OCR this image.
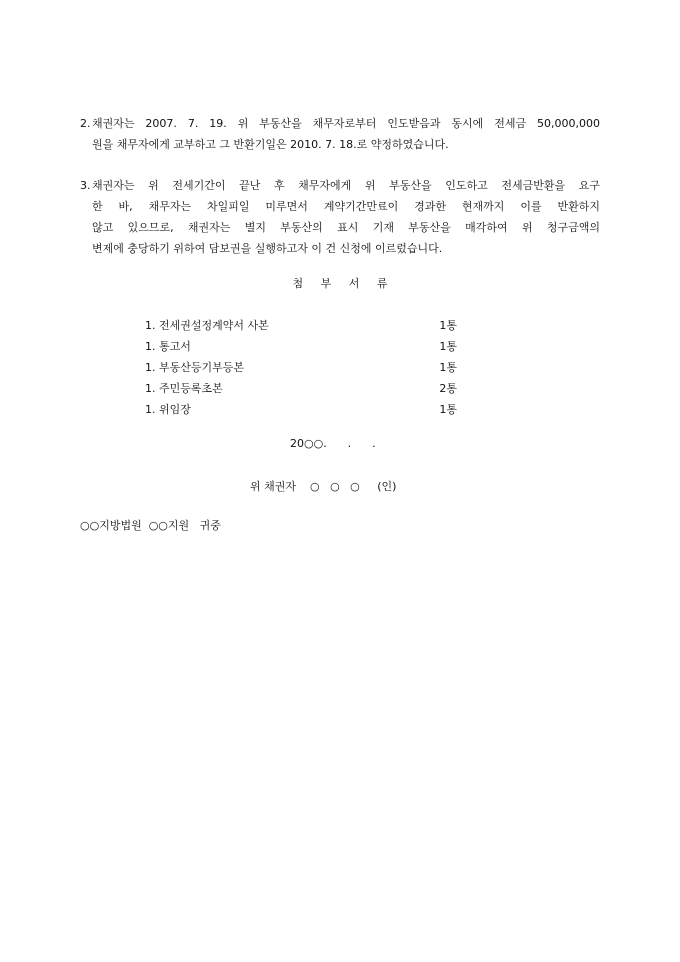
2. 채권자는 2007. 7. 19. 위 부동산을 채무자로부터 인도받음과 동시에 전세금 50,000,000
원을 채무자에게 교부하고 그 반환기일은 2010. 7. 18.로 약정하였습니다.
3. 채권자는 위 전세기간이 끝난 후 채무자에게 위 부동산을 인도하고 전세금반환을 요구
한 바, 채무자는 차일피일 미루면서 계약기간만료이 경과한 현재까지 이를 반환하지
않고 있으므로, 채권자는 별지 부동산의 표시 기재 부동산을 매각하여 위 청구금액의
변제에 충당하기 위하여 담보권을 실행하고자 이 건 신청에 이르렀습니다.
첨 부 서 류
1. 전세권설정계약서 사본	1통
1. 통고서	1통
1. 부동산등기부등본	1통
1. 주민등록초본	2통
1. 위임장	1통
20○○.      .      .
위 채권자    ○   ○   ○     (인)
○○지방법원  ○○지원   귀중
